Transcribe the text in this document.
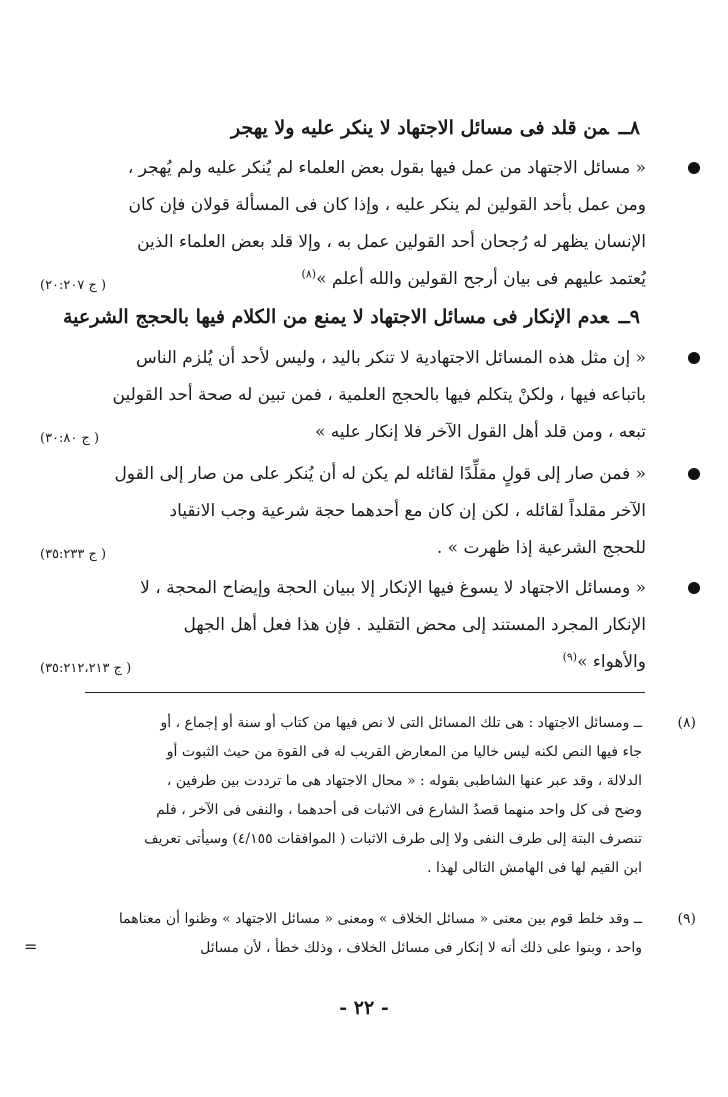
٨ــمن قلد فى مسائل الاجتهاد لا ينكر عليه ولا يهجر
« مسائل الاجتهاد من عمل فيها بقول بعض العلماء لم يُنكر عليه ولم يُهجر ،
ومن عمل بأحد القولين لم ينكر عليه ، وإذا كان فى المسألة قولان فإن كان
الإنسان يظهر له رُجحان أحد القولين عمل به ، وإلا قلد بعض العلماء الذين
يُعتمد عليهم فى بيان أرجح القولين والله أعلم »$^{(٨)}$
( ج ٢٠:٢٠٧)
٩ــعدم الإنكار فى مسائل الاجتهاد لا يمنع من الكلام فيها بالحجج الشرعية
« إن مثل هذه المسائل الاجتهادية لا تنكر باليد ، وليس لأحد أن يُلزم الناس
باتباعه فيها ، ولكنْ يتكلم فيها بالحجج العلمية ، فمن تبين له صحة أحد القولين
تبعه ، ومن قلد أهل القول الآخر فلا إنكار عليه »
( ج ٣٠:٨٠)
« فمن صار إلى قولٍ مقلِّدًا لقائله لم يكن له أن يُنكر على من صار إلى القول
الآخر مقلداً لقائله ، لكن إن كان مع أحدهما حجة شرعية وجب الانقياد
للحجج الشرعية إذا ظهرت » .
( ج ٣٥:٢٣٣)
« ومسائل الاجتهاد لا يسوغ فيها الإنكار إلا ببيان الحجة وإيضاح المحجة ، لا
الإنكار المجرد المستند إلى محض التقليد . فإن هذا فعل أهل الجهل
والأهواء »$^{(٩)}$
( ج ٣٥:٢١٢،٢١٣)
(٨)
ــ ومسائل الاجتهاد : هى تلك المسائل التى لا نص فيها من كتاب أو سنة أو إجماع ، أو
جاء فيها النص لكنه ليس خاليا من المعارض القريب له فى القوة من حيث الثبوت أو
الدلالة ، وقد عبر عنها الشاطبى بقوله : « محال الاجتهاد هى ما ترددت بين طرفين ،
وضح فى كل واحد منهما قصدُ الشارع فى الاثبات فى أحدهما ، والنفى فى الآخر ، فلم
تنصرف البتة إلى طرف النفى ولا إلى طرف الاثبات ( الموافقات ٤/١٥٥) وسيأتى تعريف
ابن القيم لها فى الهامش التالى لهذا .
(٩)
ــ وقد خلط قوم بين معنى « مسائل الخلاف » ومعنى « مسائل الاجتهاد » وظنوا أن معناهما
واحد ، وبنوا على ذلك أنه لا إنكار فى مسائل الخلاف ، وذلك خطأ ، لأن مسائل
=
- ٢٢ -
